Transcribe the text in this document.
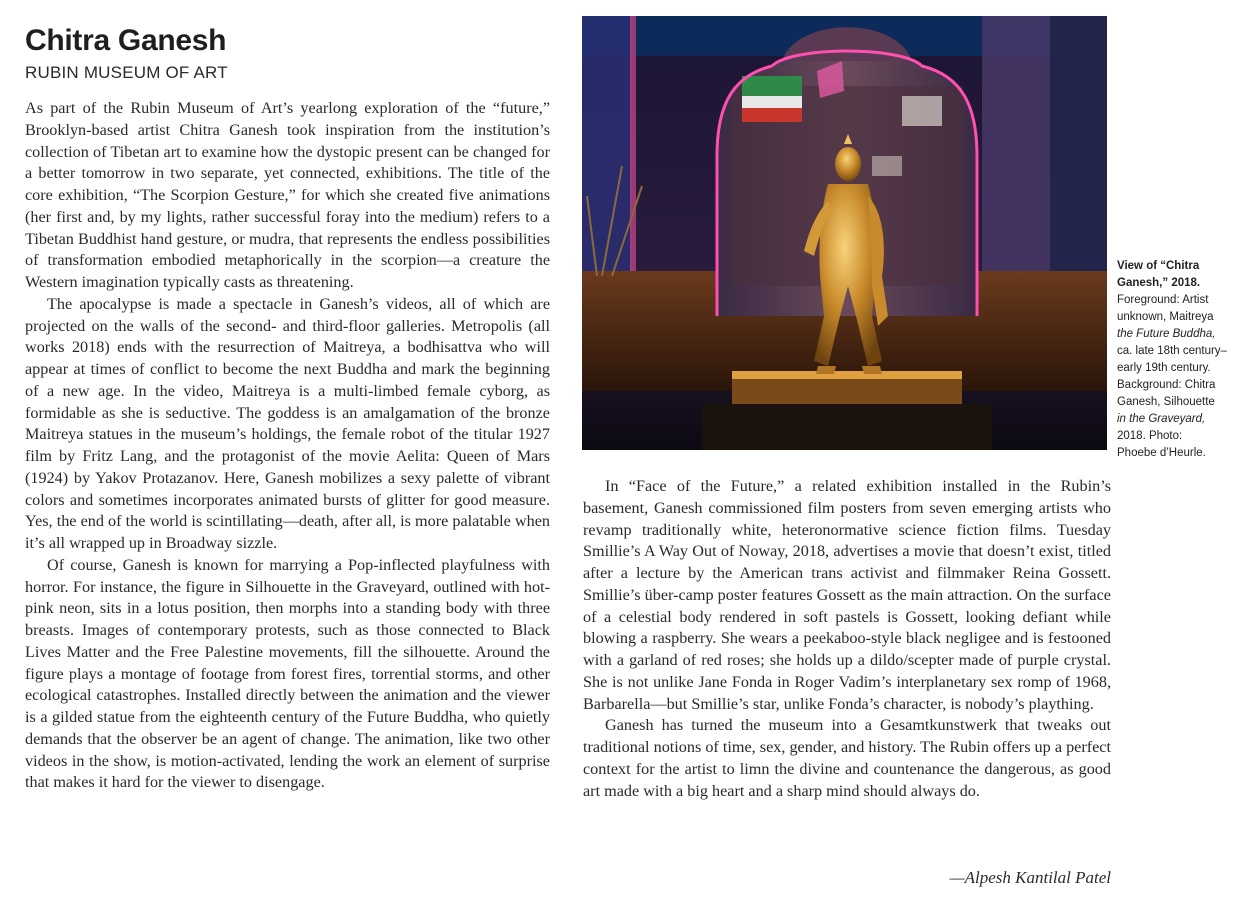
Chitra Ganesh
RUBIN MUSEUM OF ART

As part of the Rubin Museum of Art’s yearlong exploration of the “future,” Brooklyn-based artist Chitra Ganesh took inspiration from the institution’s collection of Tibetan art to examine how the dystopic present can be changed for a better tomorrow in two separate, yet connected, exhibitions. The title of the core exhibition, “The Scorpion Gesture,” for which she created five animations (her first and, by my lights, rather successful foray into the medium) refers to a Tibetan Buddhist hand gesture, or mudra, that represents the endless possibilities of transformation embodied metaphorically in the scorpion—a creature the Western imagination typically casts as threatening.

The apocalypse is made a spectacle in Ganesh’s videos, all of which are projected on the walls of the second- and third-floor galleries. Metropolis (all works 2018) ends with the resurrection of Maitreya, a bodhisattva who will appear at times of conflict to become the next Buddha and mark the beginning of a new age. In the video, Maitreya is a multi-limbed female cyborg, as formidable as she is seductive. The goddess is an amalgamation of the bronze Maitreya statues in the museum’s holdings, the female robot of the titular 1927 film by Fritz Lang, and the protagonist of the movie Aelita: Queen of Mars (1924) by Yakov Protazanov. Here, Ganesh mobilizes a sexy palette of vibrant colors and sometimes incorporates animated bursts of glitter for good measure. Yes, the end of the world is scintillating—death, after all, is more palatable when it’s all wrapped up in Broadway sizzle.

Of course, Ganesh is known for marrying a Pop-inflected playfulness with horror. For instance, the figure in Silhouette in the Graveyard, outlined with hot-pink neon, sits in a lotus position, then morphs into a standing body with three breasts. Images of contemporary protests, such as those connected to Black Lives Matter and the Free Palestine movements, fill the silhouette. Around the figure plays a montage of footage from forest fires, torrential storms, and other ecological catastrophes. Installed directly between the animation and the viewer is a gilded statue from the eighteenth century of the Future Buddha, who quietly demands that the observer be an agent of change. The animation, like two other videos in the show, is motion-activated, lending the work an element of surprise that makes it hard for the viewer to disengage.

View of “Chitra
Ganesh,” 2018.
Foreground: Artist
unknown, Maitreya
the Future Buddha,
ca. late 18th century–
early 19th century.
Background: Chitra
Ganesh, Silhouette
in the Graveyard,
2018. Photo:
Phoebe d’Heurle.

In “Face of the Future,” a related exhibition installed in the Rubin’s basement, Ganesh commissioned film posters from seven emerging artists who revamp traditionally white, heteronormative science fiction films. Tuesday Smillie’s A Way Out of Noway, 2018, advertises a movie that doesn’t exist, titled after a lecture by the American trans activist and filmmaker Reina Gossett. Smillie’s über-camp poster features Gossett as the main attraction. On the surface of a celestial body rendered in soft pastels is Gossett, looking defiant while blowing a raspberry. She wears a peekaboo-style black negligee and is festooned with a garland of red roses; she holds up a dildo/scepter made of purple crystal. She is not unlike Jane Fonda in Roger Vadim’s interplanetary sex romp of 1968, Barbarella—but Smillie’s star, unlike Fonda’s character, is nobody’s plaything.

Ganesh has turned the museum into a Gesamtkunstwerk that tweaks out traditional notions of time, sex, gender, and history. The Rubin offers up a perfect context for the artist to limn the divine and countenance the dangerous, as good art made with a big heart and a sharp mind should always do.

—Alpesh Kantilal Patel
